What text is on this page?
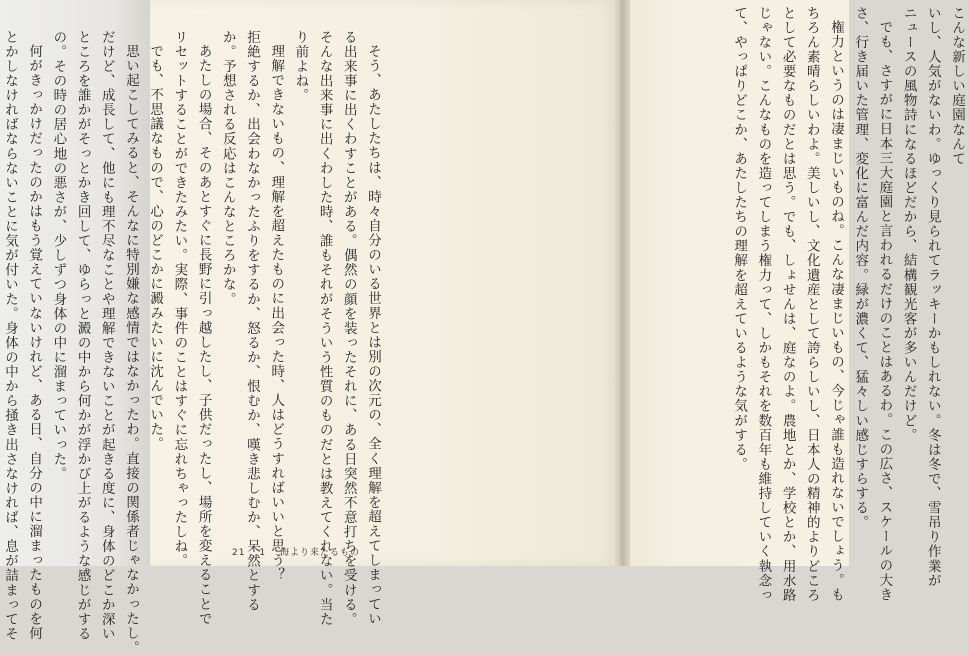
そう、あたしたちは、時々自分のいる世界とは別の次元の、全く理解を超えてしまってい
る出来事に出くわすことがある。偶然の顔を装ったそれに、ある日突然不意打ちを受ける。
そんな出来事に出くわした時、誰もそれがそういう性質のものだとは教えてくれない。当た
り前よね。
理解できないもの、理解を超えたものに出会った時、人はどうすればいいと思う？
拒絶するか、出会わなかったふりをするか、怒るか、恨むか、嘆き悲しむか、呆然とする
か。予想される反応はこんなところかな。
あたしの場合、そのあとすぐに長野に引っ越したし、子供だったし、場所を変えることで
リセットすることができたみたい。実際、事件のことはすぐに忘れちゃったしね。
でも、不思議なもので、心のどこかに澱みたいに沈んでいた。
思い起こしてみると、そんなに特別嫌な感情ではなかったわ。直接の関係者じゃなかったし。
だけど、成長して、他にも理不尽なことや理解できないことが起きる度に、身体のどこか深い
ところを誰かがそっとかき回して、ゆらっと澱の中から何かが浮かび上がるような感じがする
の。その時の居心地の悪さが、少しずつ身体の中に溜まっていった。
何がきっかけだったのかはもう覚えていないけれど、ある日、自分の中に溜まったものを何
とかしなければならないことに気が付いた。身体の中から掻き出さなければ、息が詰まってそ	こんな新しい庭園なんて
いし、人気がないわ。ゆっくり見られてラッキーかもしれない。冬は冬で、雪吊り作業が
ニュースの風物詩になるほどだから、結構観光客が多いんだけど。
でも、さすがに日本三大庭園と言われるだけのことはあるわ。この広さ、スケールの大き
さ、行き届いた管理、変化に富んだ内容。緑が濃くて、猛々しい感じすらする。
権力というのは凄まじいものね。こんな凄まじいもの、今じゃ誰も造れないでしょう。も
ちろん素晴らしいわよ。美しいし、文化遺産として誇らしいし、日本人の精神的よりどころ
として必要なものだとは思う。でも、しょせんは、庭なのよ。農地とか、学校とか、用水路
じゃない。こんなものを造ってしまう権力って、しかもそれを数百年も維持していく執念っ
て、やっぱりどこか、あたしたちの理解を超えているような気がする。
21 1 海より来たるもの
